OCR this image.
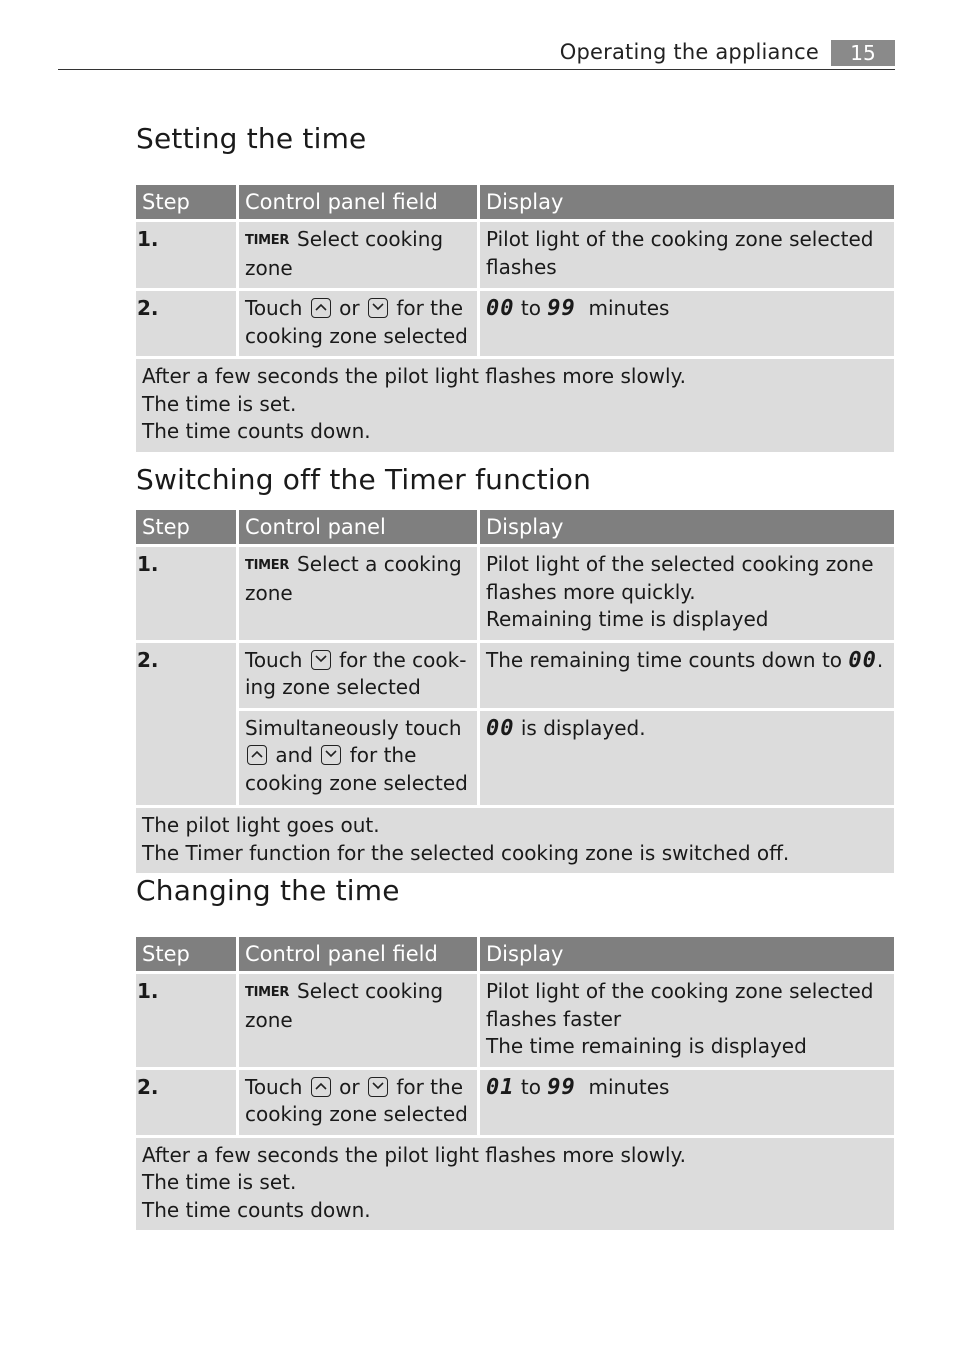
Operating the appliance	15
Setting the time
Step	Control panel field	Display
1.	TIMER Select cooking zone	Pilot light of the cooking zone selected flashes
2.	Touch or for the cooking zone selected	00 to 99 minutes

After a few seconds the pilot light flashes more slowly.
The time is set.
The time counts down.		
Switching off the Timer function
Step	Control panel	Display
1.	TIMER Select a cooking zone	Pilot light of the selected cooking zone flashes more quickly.
Remaining time is displayed

2.	Touch for the cook-ing zone selected	The remaining time counts down to 00.

	Simultaneously touch
and for the cooking zone selected	00 is displayed.

The pilot light goes out.
The Timer function for the selected cooking zone is switched off.		
Changing the time
Step	Control panel field	Display
1.	TIMER Select cooking zone	Pilot light of the cooking zone selected flashes faster
The time remaining is displayed

2.	Touch or for the cooking zone selected	01 to 99 minutes

After a few seconds the pilot light flashes more slowly.
The time is set.
The time counts down.		
